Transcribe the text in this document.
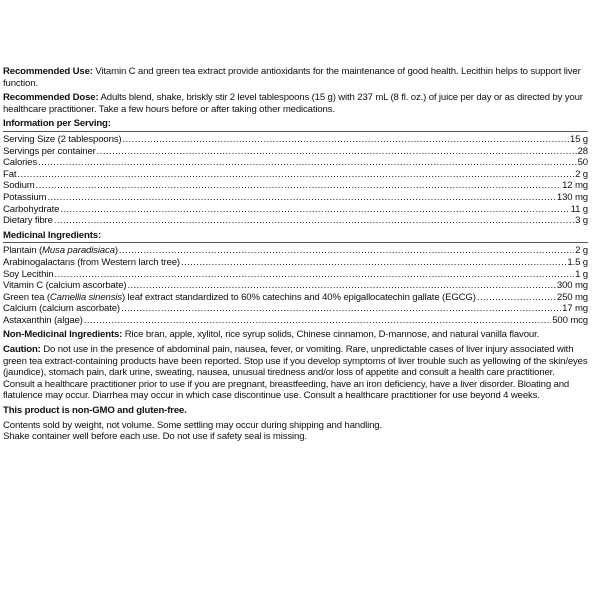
Recommended Use: Vitamin C and green tea extract provide antioxidants for the maintenance of good health. Lecithin helps to support liver function.

Recommended Dose: Adults blend, shake, briskly stir 2 level tablespoons (15 g) with 237 mL (8 fl. oz.) of juice per day or as directed by your healthcare practitioner. Take a few hours before or after taking other medications.

Information per Serving:
Serving Size (2 tablespoons) .....	15 g
Servings per container .....	28
Calories .....	50
Fat .....	2 g
Sodium .....	12 mg
Potassium .....	130 mg
Carbohydrate .....	11 g
Dietary fibre .....	3 g
Medicinal Ingredients:
Plantain (Musa paradisiaca) .....	2 g
Arabinogalactans (from Western larch tree) .....	1.5 g
Soy Lecithin .....	1 g
Vitamin C (calcium ascorbate) .....	300 mg
Green tea (Camellia sinensis) leaf extract standardized to 60% catechins and 40% epigallocatechin gallate (EGCG) .....	250 mg
Calcium (calcium ascorbate) .....	17 mg
Astaxanthin (algae) .....	500 mcg

Non-Medicinal Ingredients: Rice bran, apple, xylitol, rice syrup solids, Chinese cinnamon, D-mannose, and natural vanilla flavour.

Caution: Do not use in the presence of abdominal pain, nausea, fever, or vomiting. Rare, unpredictable cases of liver injury associated with green tea extract-containing products have been reported. Stop use if you develop symptoms of liver trouble such as yellowing of the skin/eyes (jaundice), stomach pain, dark urine, sweating, nausea, unusual tiredness and/or loss of appetite and consult a health care practitioner. Consult a healthcare practitioner prior to use if you are pregnant, breastfeeding, have an iron deficiency, have a liver disorder. Bloating and flatulence may occur. Diarrhea may occur in which case discontinue use. Consult a healthcare practitioner for use beyond 4 weeks.

This product is non-GMO and gluten-free.

Contents sold by weight, not volume. Some settling may occur during shipping and handling.

Shake container well before each use. Do not use if safety seal is missing.
